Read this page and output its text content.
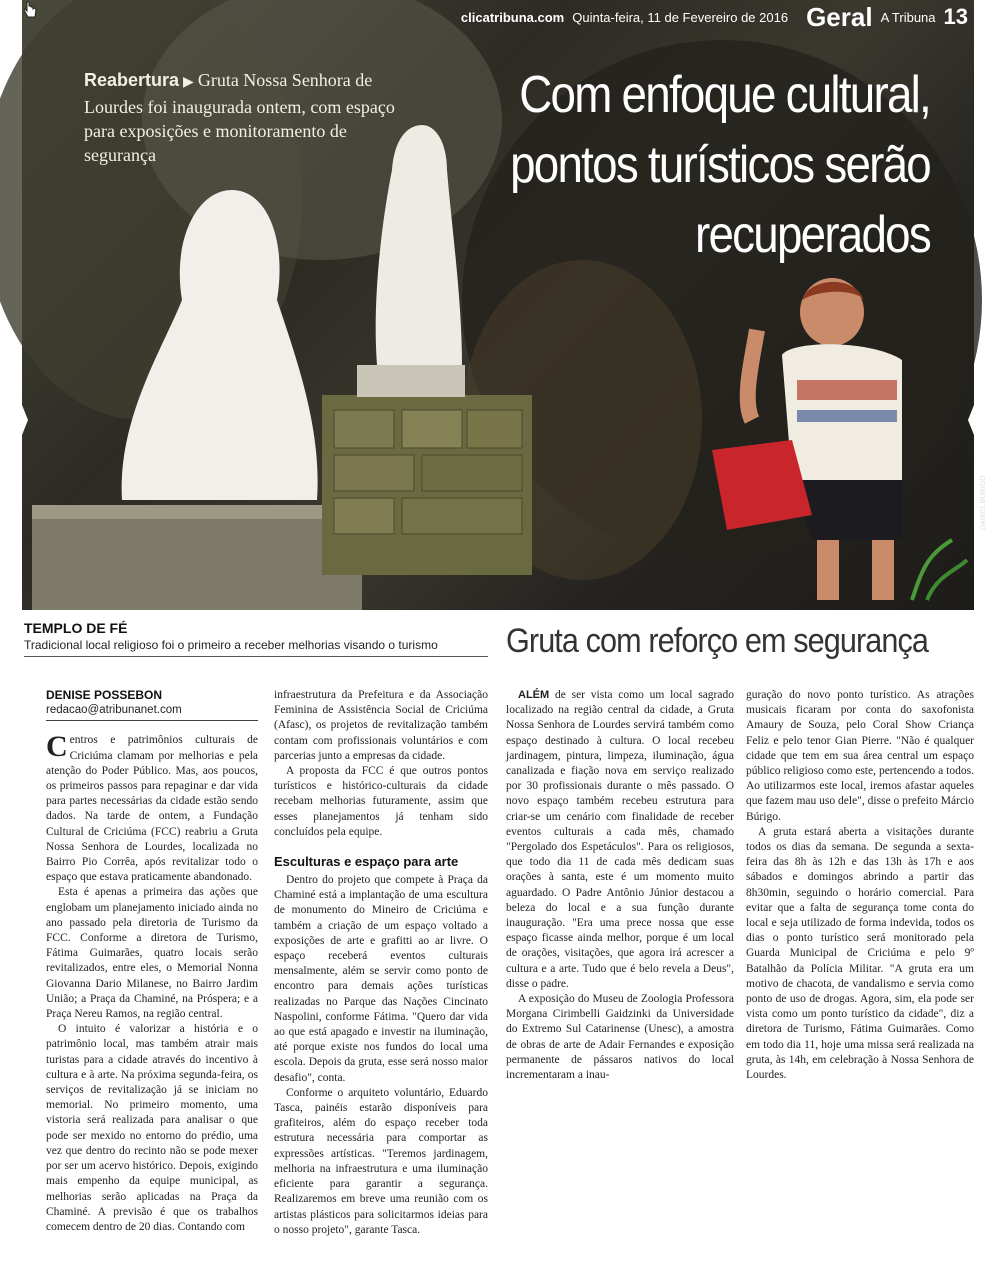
clicatribuna.com Quinta-feira, 11 de Fevereiro de 2016 Geral A Tribuna 13
Reabertura ▶ Gruta Nossa Senhora de Lourdes foi inaugurada ontem, com espaço para exposições e monitoramento de segurança
Com enfoque cultural,
pontos turísticos serão
recuperados
DANIEL BÚRIGO
TEMPLO DE FÉ
Tradicional local religioso foi o primeiro a receber melhorias visando o turismo	Gruta com reforço em segurança
DENISE POSSEBON
redacao@atribunanet.com

Centros e patrimônios culturais de Criciúma clamam por melhorias e pela atenção do Poder Público. Mas, aos poucos, os primeiros passos para repaginar e dar vida para partes necessárias da cidade estão sendo dados. Na tarde de ontem, a Fundação Cultural de Criciúma (FCC) reabriu a Gruta Nossa Senhora de Lourdes, localizada no Bairro Pio Corrêa, após revitalizar todo o espaço que estava praticamente abandonado.

Esta é apenas a primeira das ações que englobam um planejamento iniciado ainda no ano passado pela diretoria de Turismo da FCC. Conforme a diretora de Turismo, Fátima Guimarães, quatro locais serão revitalizados, entre eles, o Memorial Nonna Giovanna Dario Milanese, no Bairro Jardim União; a Praça da Chaminé, na Próspera; e a Praça Nereu Ramos, na região central.

O intuito é valorizar a história e o patrimônio local, mas também atrair mais turistas para a cidade através do incentivo à cultura e à arte. Na próxima segunda-feira, os serviços de revitalização já se iniciam no memorial. No primeiro momento, uma vistoria será realizada para analisar o que pode ser mexido no entorno do prédio, uma vez que dentro do recinto não se pode mexer por ser um acervo histórico. Depois, exigindo mais empenho da equipe municipal, as melhorias serão aplicadas na Praça da Chaminé. A previsão é que os trabalhos comecem dentro de 20 dias. Contando com

infraestrutura da Prefeitura e da Associação Feminina de Assistência Social de Criciúma (Afasc), os projetos de revitalização também contam com profissionais voluntários e com parcerias junto a empresas da cidade.

A proposta da FCC é que outros pontos turísticos e histórico-culturais da cidade recebam melhorias futuramente, assim que esses planejamentos já tenham sido concluídos pela equipe.

Esculturas e espaço para arte

Dentro do projeto que compete à Praça da Chaminé está a implantação de uma escultura de monumento do Mineiro de Criciúma e também a criação de um espaço voltado a exposições de arte e grafitti ao ar livre. O espaço receberá eventos culturais mensalmente, além se servir como ponto de encontro para demais ações turísticas realizadas no Parque das Nações Cincinato Naspolini, conforme Fátima. "Quero dar vida ao que está apagado e investir na iluminação, até porque existe nos fundos do local uma escola. Depois da gruta, esse será nosso maior desafio", conta.

Conforme o arquiteto voluntário, Eduardo Tasca, painéis estarão disponíveis para grafiteiros, além do espaço receber toda estrutura necessária para comportar as expressões artísticas. "Teremos jardinagem, melhoria na infraestrutura e uma iluminação eficiente para garantir a segurança. Realizaremos em breve uma reunião com os artistas plásticos para solicitarmos ideias para o nosso projeto", garante Tasca.

ALÉM de ser vista como um local sagrado localizado na região central da cidade, a Gruta Nossa Senhora de Lourdes servirá também como espaço destinado à cultura. O local recebeu jardinagem, pintura, limpeza, iluminação, água canalizada e fiação nova em serviço realizado por 30 profissionais durante o mês passado. O novo espaço também recebeu estrutura para criar-se um cenário com finalidade de receber eventos culturais a cada mês, chamado "Pergolado dos Espetáculos". Para os religiosos, que todo dia 11 de cada mês dedicam suas orações à santa, este é um momento muito aguardado. O Padre Antônio Júnior destacou a beleza do local e a sua função durante inauguração. "Era uma prece nossa que esse espaço ficasse ainda melhor, porque é um local de orações, visitações, que agora irá acrescer a cultura e a arte. Tudo que é belo revela a Deus", disse o padre.

A exposição do Museu de Zoologia Professora Morgana Cirimbelli Gaidzinki da Universidade do Extremo Sul Catarinense (Unesc), a amostra de obras de arte de Adair Fernandes e exposição permanente de pássaros nativos do local incrementaram a inau-

guração do novo ponto turístico. As atrações musicais ficaram por conta do saxofonista Amaury de Souza, pelo Coral Show Criança Feliz e pelo tenor Gian Pierre. "Não é qualquer cidade que tem em sua área central um espaço público religioso como este, pertencendo a todos. Ao utilizarmos este local, iremos afastar aqueles que fazem mau uso dele", disse o prefeito Márcio Búrigo.

A gruta estará aberta a visitações durante todos os dias da semana. De segunda a sexta-feira das 8h às 12h e das 13h às 17h e aos sábados e domingos abrindo a partir das 8h30min, seguindo o horário comercial. Para evitar que a falta de segurança tome conta do local e seja utilizado de forma indevida, todos os dias o ponto turístico será monitorado pela Guarda Municipal de Criciúma e pelo 9º Batalhão da Polícia Militar. "A gruta era um motivo de chacota, de vandalismo e servia como ponto de uso de drogas. Agora, sim, ela pode ser vista como um ponto turístico da cidade", diz a diretora de Turismo, Fátima Guimarães. Como em todo dia 11, hoje uma missa será realizada na gruta, às 14h, em celebração à Nossa Senhora de Lourdes.
